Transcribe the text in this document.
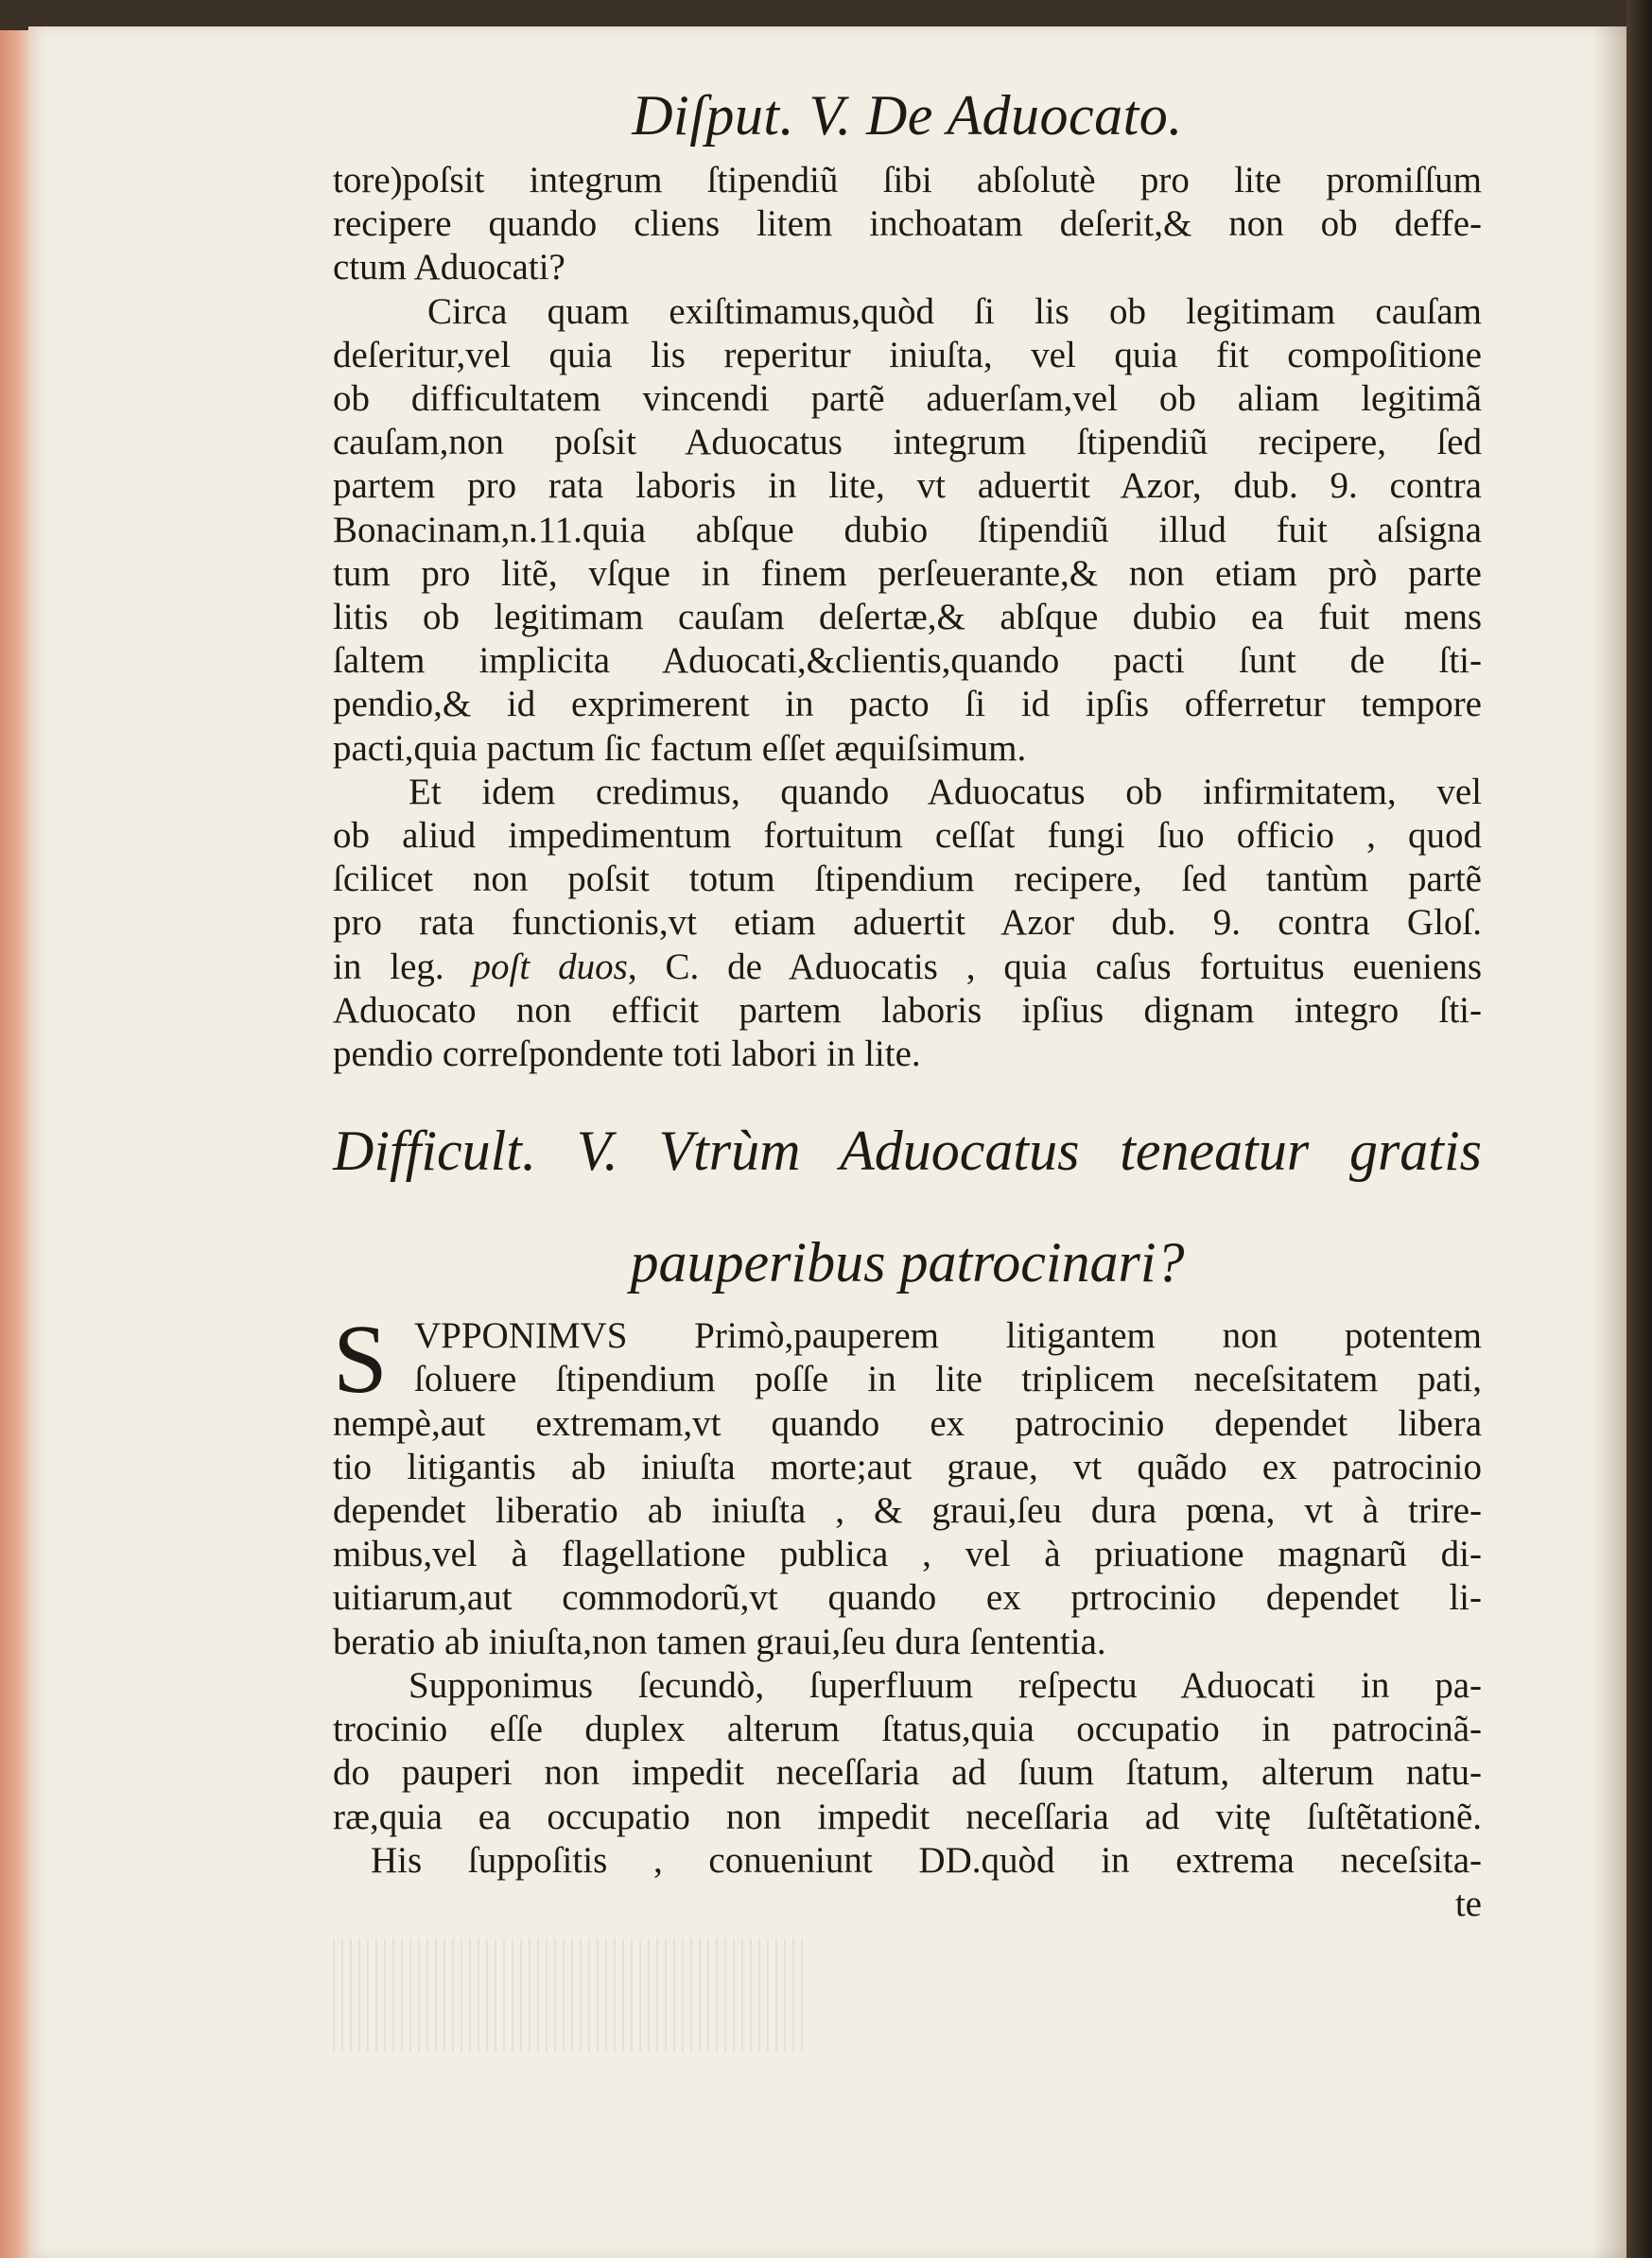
Diſput. V. De Aduocato.
tore)poſsit integrum ſtipendiũ ſibi abſolutè pro lite promiſſum
recipere quando cliens litem inchoatam deſerit,& non ob deffe-
ctum Aduocati?
Circa quam exiſtimamus,quòd ſi lis ob legitimam cauſam
deſeritur,vel quia lis reperitur iniuſta, vel quia fit compoſitione
ob difficultatem vincendi partẽ aduerſam,vel ob aliam legitimã
cauſam,non poſsit Aduocatus integrum ſtipendiũ recipere, ſed
partem pro rata laboris in lite, vt aduertit Azor, dub. 9. contra
Bonacinam,n.11.quia abſque dubio ſtipendiũ illud fuit aſsigna
tum pro litẽ, vſque in finem perſeuerante,& non etiam prò parte
litis ob legitimam cauſam deſertæ,& abſque dubio ea fuit mens
ſaltem implicita Aduocati,&clientis,quando pacti ſunt de ſti-
pendio,& id exprimerent in pacto ſi id ipſis offerretur tempore
pacti,quia pactum ſic factum eſſet æquiſsimum.
Et idem credimus, quando Aduocatus ob infirmitatem, vel
ob aliud impedimentum fortuitum ceſſat fungi ſuo officio , quod
ſcilicet non poſsit totum ſtipendium recipere, ſed tantùm partẽ
pro rata functionis,vt etiam aduertit Azor dub. 9. contra Gloſ.
in leg. poſt duos, C. de Aduocatis , quia caſus fortuitus eueniens
Aduocato non efficit partem laboris ipſius dignam integro ſti-
pendio correſpondente toti labori in lite.
Difficult. V. Vtrùm Aduocatus teneatur gratis
pauperibus patrocinari?
S VPPONIMVS Primò,pauperem litigantem non potentem
ſoluere ſtipendium poſſe in lite triplicem neceſsitatem pati,
nempè,aut extremam,vt quando ex patrocinio dependet libera
tio litigantis ab iniuſta morte;aut graue, vt quãdo ex patrocinio
dependet liberatio ab iniuſta , & graui,ſeu dura pœna, vt à trire-
mibus,vel à flagellatione publica , vel à priuatione magnarũ di-
uitiarum,aut commodorũ,vt quando ex prtrocinio dependet li-
beratio ab iniuſta,non tamen graui,ſeu dura ſententia.
Supponimus ſecundò, ſuperfluum reſpectu Aduocati in pa-
trocinio eſſe duplex alterum ſtatus,quia occupatio in patrocinã-
do pauperi non impedit neceſſaria ad ſuum ſtatum, alterum natu-
ræ,quia ea occupatio non impedit neceſſaria ad vitę ſuſtẽtationẽ.
His ſuppoſitis , conueniunt DD.quòd in extrema neceſsita-
te
